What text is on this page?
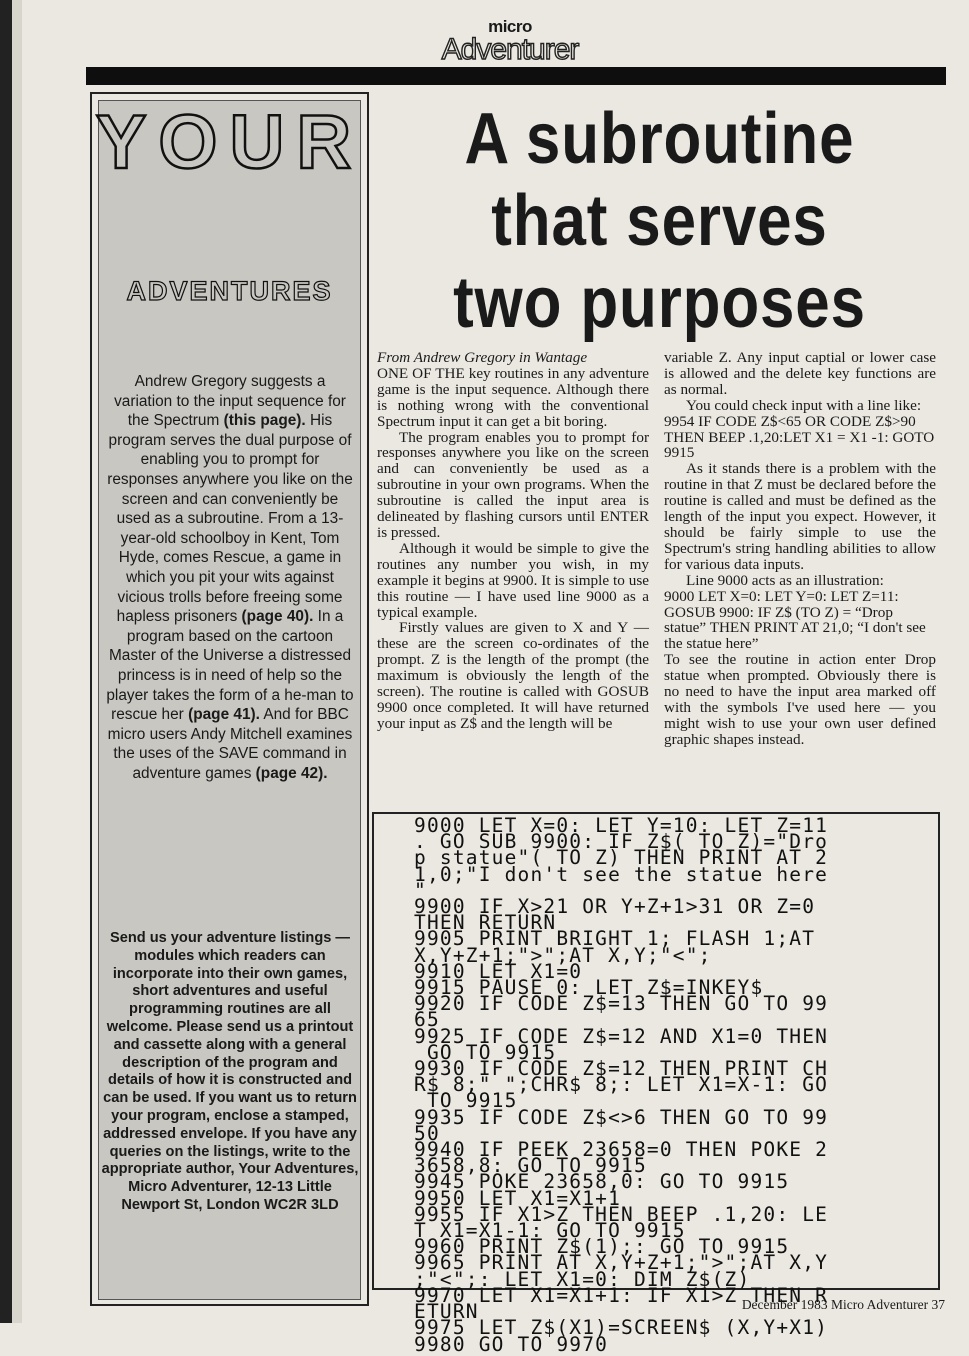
micro
Adventurer
YOUR
ADVENTURES
Andrew Gregory suggests a variation to the input sequence for the Spectrum (this page). His program serves the dual purpose of enabling you to prompt for responses anywhere you like on the screen and can conveniently be used as a subroutine. From a 13-year-old schoolboy in Kent, Tom Hyde, comes Rescue, a game in which you pit your wits against vicious trolls before freeing some hapless prisoners (page 40). In a program based on the cartoon Master of the Universe a distressed princess is in need of help so the player takes the form of a he-man to rescue her (page 41). And for BBC micro users Andy Mitchell examines the uses of the SAVE command in adventure games (page 42).
Send us your adventure listings — modules which readers can incorporate into their own games, short adventures and useful programming routines are all welcome. Please send us a printout and cassette along with a general description of the program and details of how it is constructed and can be used. If you want us to return your program, enclose a stamped, addressed envelope. If you have any queries on the listings, write to the appropriate author, Your Adventures, Micro Adventurer, 12-13 Little Newport St, London WC2R 3LD
A subroutine
that serves
two purposes

From Andrew Gregory in Wantage

ONE OF THE key routines in any adventure game is the input sequence. Although there is nothing wrong with the conventional Spectrum input it can get a bit boring.

The program enables you to prompt for responses anywhere you like on the screen and can conveniently be used as a subroutine in your own programs. When the subroutine is called the input area is delineated by flashing cursors until ENTER is pressed.

Although it would be simple to give the routines any number you wish, in my example it begins at 9900. It is simple to use this routine — I have used line 9000 as a typical example.

Firstly values are given to X and Y — these are the screen co-ordinates of the prompt. Z is the length of the prompt (the maximum is obviously the length of the screen). The routine is called with GOSUB 9900 once completed. It will have returned your input as Z$ and the length will be

variable Z. Any input captial or lower case is allowed and the delete key functions are as normal.

You could check input with a line like:

9954 IF CODE Z$<65 OR CODE Z$>90 THEN BEEP .1,20:LET X1 = X1 -1: GOTO 9915

As it stands there is a problem with the routine in that Z must be declared before the routine is called and must be defined as the length of the input you expect. However, it should be fairly simple to use the Spectrum's string handling abilities to allow for various data inputs.

Line 9000 acts as an illustration:

9000 LET X=0: LET Y=0: LET Z=11: GOSUB 9900: IF Z$ (TO Z) = “Drop statue” THEN PRINT AT 21,0; “I don't see the statue here”

To see the routine in action enter Drop statue when prompted. Obviously there is no need to have the input area marked off with the symbols I've used here — you might wish to use your own user defined graphic shapes instead.

9000 LET X=0: LET Y=10: LET Z=11
. GO SUB 9900: IF Z$( TO Z)="Dro
p statue"( TO Z) THEN PRINT AT 2
1,0;"I don't see the statue here
"
9900 IF X>21 OR Y+Z+1>31 OR Z=0
THEN RETURN
9905 PRINT BRIGHT 1; FLASH 1;AT
X,Y+Z+1;">";AT X,Y;"<";
9910 LET X1=0
9915 PAUSE 0: LET Z$=INKEY$
9920 IF CODE Z$=13 THEN GO TO 99
65
9925 IF CODE Z$=12 AND X1=0 THEN
GO TO 9915
9930 IF CODE Z$=12 THEN PRINT CH
R$ 8;" ";CHR$ 8;: LET X1=X-1: GO
TO 9915
9935 IF CODE Z$<>6 THEN GO TO 99
50
9940 IF PEEK 23658=0 THEN POKE 2
3658,8: GO TO 9915
9945 POKE 23658,0: GO TO 9915
9950 LET X1=X1+1
9955 IF X1>Z THEN BEEP .1,20: LE
T X1=X1-1: GO TO 9915
9960 PRINT Z$(1);: GO TO 9915
9965 PRINT AT X,Y+Z+1;">";AT X,Y
;"<";: LET X1=0: DIM Z$(Z)
9970 LET X1=X1+1: IF X1>Z THEN R
ETURN
9975 LET Z$(X1)=SCREEN$ (X,Y+X1)
9980 GO TO 9970
December 1983 Micro Adventurer 37
